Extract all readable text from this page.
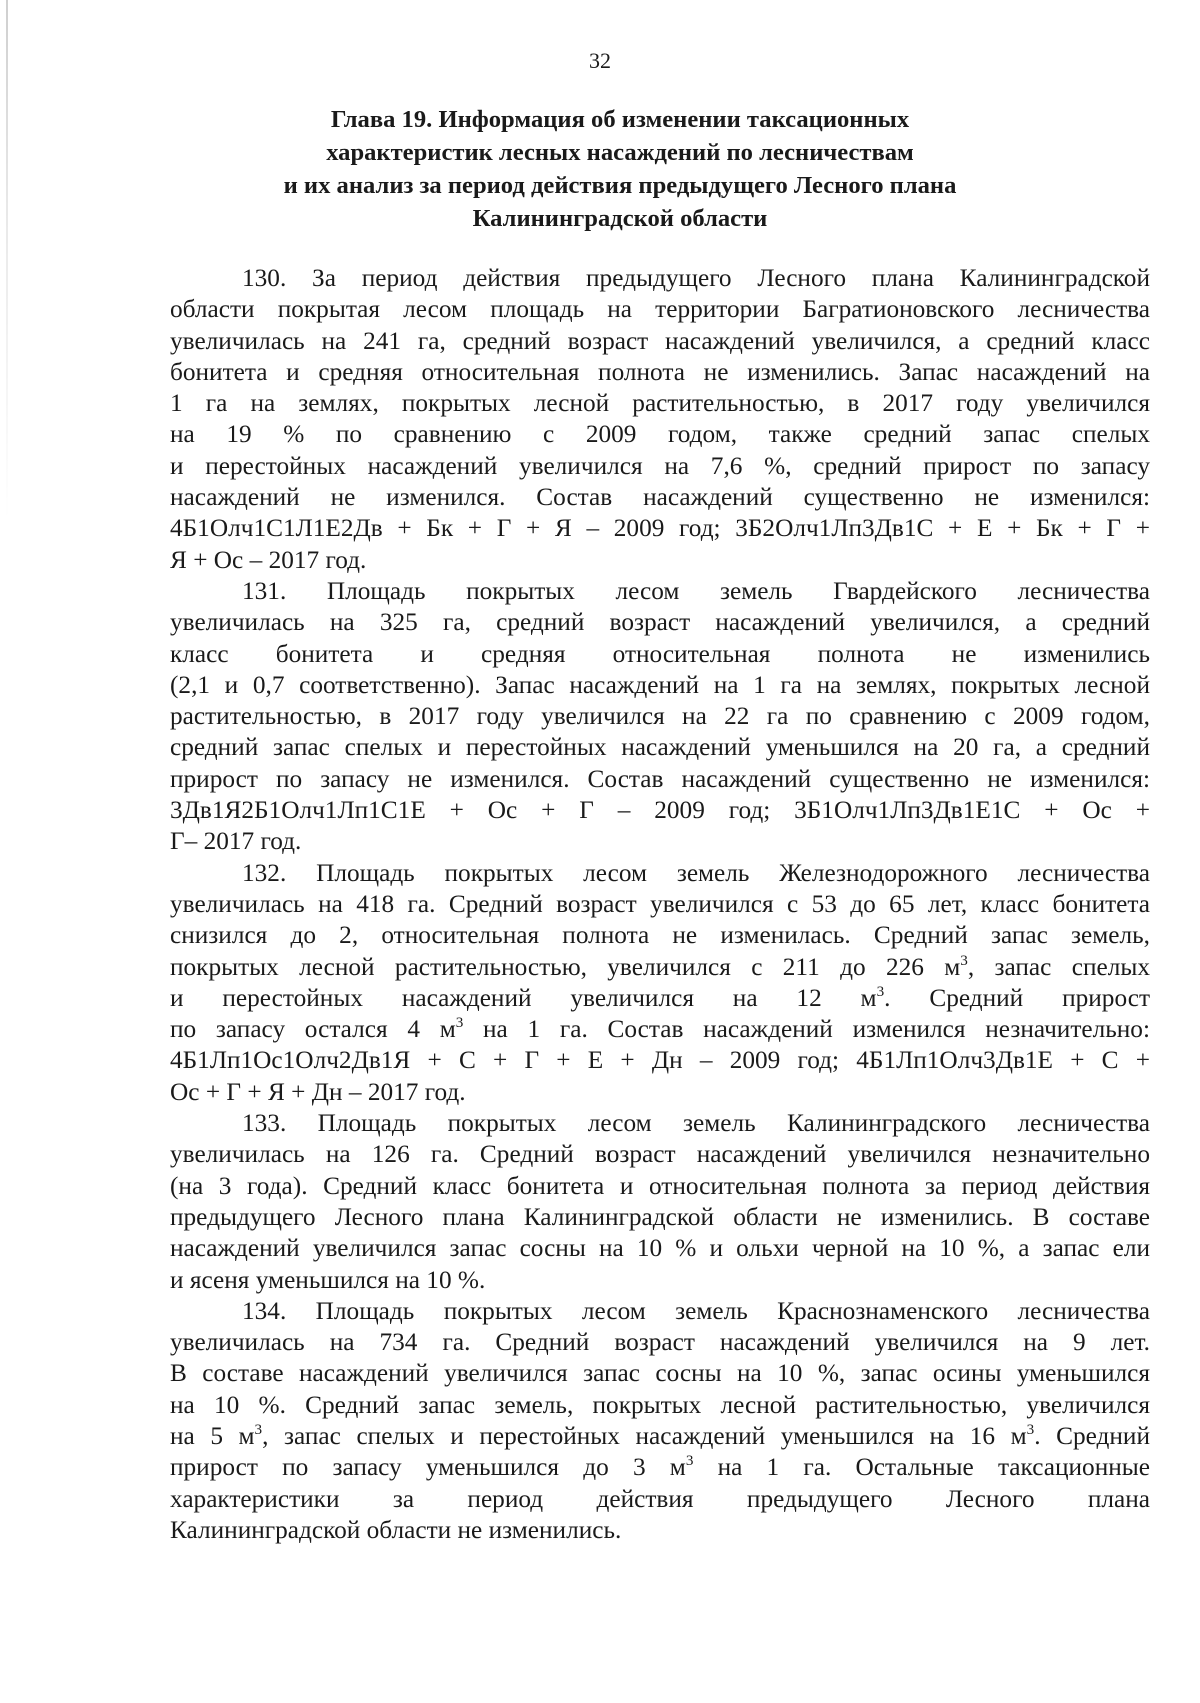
32
Глава 19. Информация об изменении таксационных
характеристик лесных насаждений по лесничествам
и их анализ за период действия предыдущего Лесного плана
Калининградской области
130. За период действия предыдущего Лесного плана Калининградской
области покрытая лесом площадь на территории Багратионовского лесничества
увеличилась на 241 га, средний возраст насаждений увеличился, а средний класс
бонитета и средняя относительная полнота не изменились. Запас насаждений на
1 га на землях, покрытых лесной растительностью, в 2017 году увеличился
на 19 % по сравнению с 2009 годом, также средний запас спелых
и перестойных насаждений увеличился на 7,6 %, средний прирост по запасу
насаждений не изменился. Состав насаждений существенно не изменился:
4Б1Олч1С1Л1Е2Дв + Бк + Г + Я – 2009 год; 3Б2Олч1Лп3Дв1С + Е + Бк + Г +
Я + Ос – 2017 год.
131. Площадь покрытых лесом земель Гвардейского лесничества
увеличилась на 325 га, средний возраст насаждений увеличился, а средний
класс бонитета и средняя относительная полнота не изменились
(2,1 и 0,7 соответственно). Запас насаждений на 1 га на землях, покрытых лесной
растительностью, в 2017 году увеличился на 22 га по сравнению с 2009 годом,
средний запас спелых и перестойных насаждений уменьшился на 20 га, а средний
прирост по запасу не изменился. Состав насаждений существенно не изменился:
3Дв1Я2Б1Олч1Лп1С1Е + Ос + Г – 2009 год; 3Б1Олч1Лп3Дв1Е1С + Ос +
Г– 2017 год.
132. Площадь покрытых лесом земель Железнодорожного лесничества
увеличилась на 418 га. Средний возраст увеличился с 53 до 65 лет, класс бонитета
снизился до 2, относительная полнота не изменилась. Средний запас земель,
покрытых лесной растительностью, увеличился с 211 до 226 $м^3$, запас спелых
и перестойных насаждений увеличился на 12 $м^3$. Средний прирост
по запасу остался 4 $м^3$ на 1 га. Состав насаждений изменился незначительно:
4Б1Лп1Ос1Олч2Дв1Я + С + Г + Е + Дн – 2009 год; 4Б1Лп1Олч3Дв1Е + С +
Ос + Г + Я + Дн – 2017 год.
133. Площадь покрытых лесом земель Калининградского лесничества
увеличилась на 126 га. Средний возраст насаждений увеличился незначительно
(на 3 года). Средний класс бонитета и относительная полнота за период действия
предыдущего Лесного плана Калининградской области не изменились. В составе
насаждений увеличился запас сосны на 10 % и ольхи черной на 10 %, а запас ели
и ясеня уменьшился на 10 %.
134. Площадь покрытых лесом земель Краснознаменского лесничества
увеличилась на 734 га. Средний возраст насаждений увеличился на 9 лет.
В составе насаждений увеличился запас сосны на 10 %, запас осины уменьшился
на 10 %. Средний запас земель, покрытых лесной растительностью, увеличился
на 5 $м^3$, запас спелых и перестойных насаждений уменьшился на 16 $м^3$. Средний
прирост по запасу уменьшился до 3 $м^3$ на 1 га. Остальные таксационные
характеристики за период действия предыдущего Лесного плана
Калининградской области не изменились.
